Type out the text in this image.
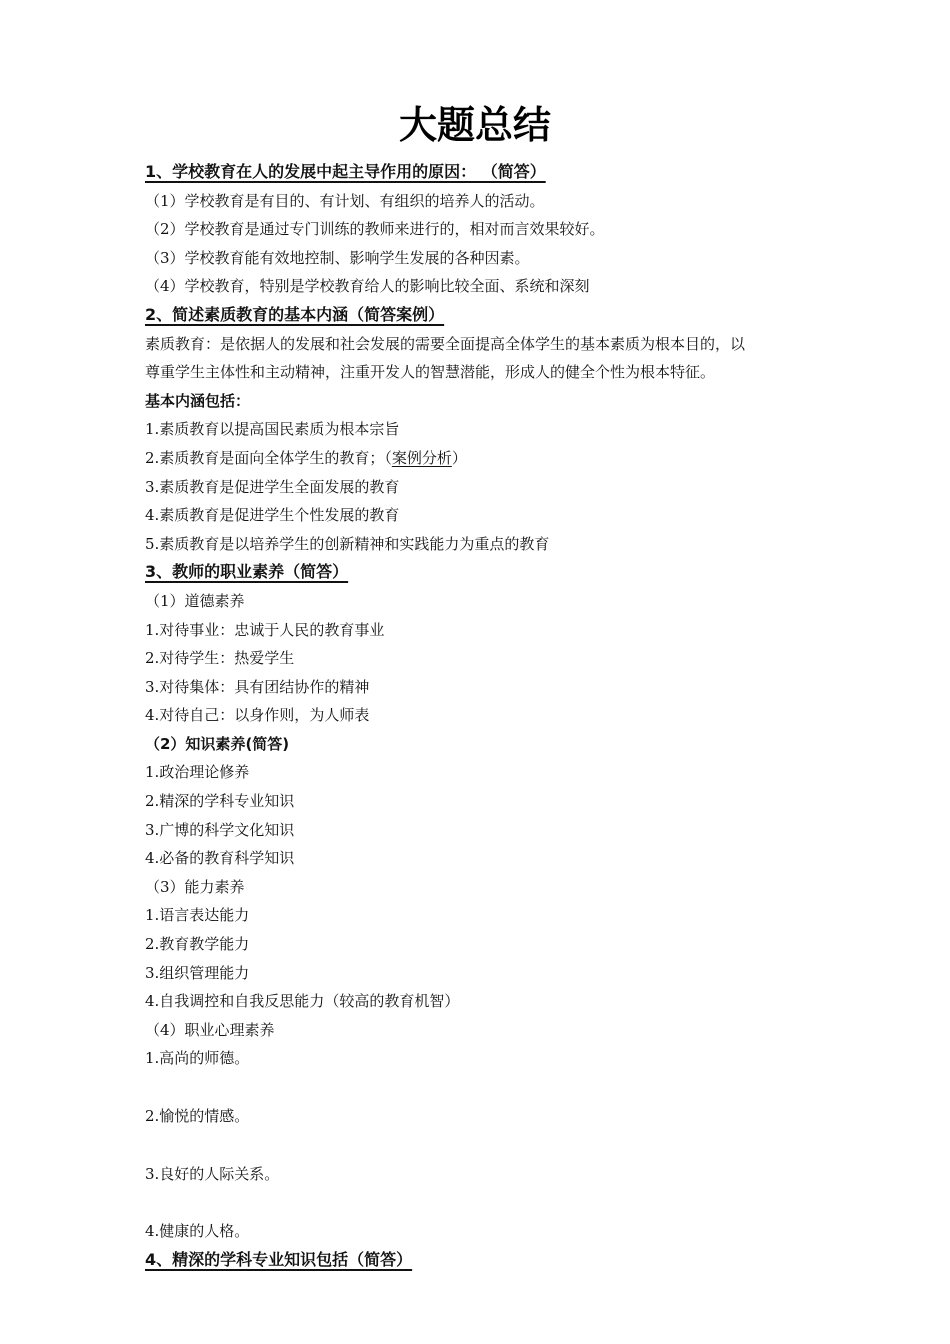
大题总结
1、学校教育在人的发展中起主导作用的原因： （简答）
（1）学校教育是有目的、有计划、有组织的培养人的活动。
（2）学校教育是通过专门训练的教师来进行的，相对而言效果较好。
（3）学校教育能有效地控制、影响学生发展的各种因素。
（4）学校教育，特别是学校教育给人的影响比较全面、系统和深刻
2、简述素质教育的基本内涵（简答案例）
素质教育：是依据人的发展和社会发展的需要全面提高全体学生的基本素质为根本目的，以
尊重学生主体性和主动精神，注重开发人的智慧潜能，形成人的健全个性为根本特征。
基本内涵包括：
1.素质教育以提高国民素质为根本宗旨
2.素质教育是面向全体学生的教育；（案例分析）
3.素质教育是促进学生全面发展的教育
4.素质教育是促进学生个性发展的教育
5.素质教育是以培养学生的创新精神和实践能力为重点的教育
3、教师的职业素养（简答）
（1）道德素养
1.对待事业：忠诚于人民的教育事业
2.对待学生：热爱学生
3.对待集体：具有团结协作的精神
4.对待自己：以身作则，为人师表
（2）知识素养(简答)
1.政治理论修养
2.精深的学科专业知识
3.广博的科学文化知识
4.必备的教育科学知识
（3）能力素养
1.语言表达能力
2.教育教学能力
3.组织管理能力
4.自我调控和自我反思能力（较高的教育机智）
（4）职业心理素养
1.高尚的师德。
2.愉悦的情感。
3.良好的人际关系。
4.健康的人格。
4、精深的学科专业知识包括（简答）
